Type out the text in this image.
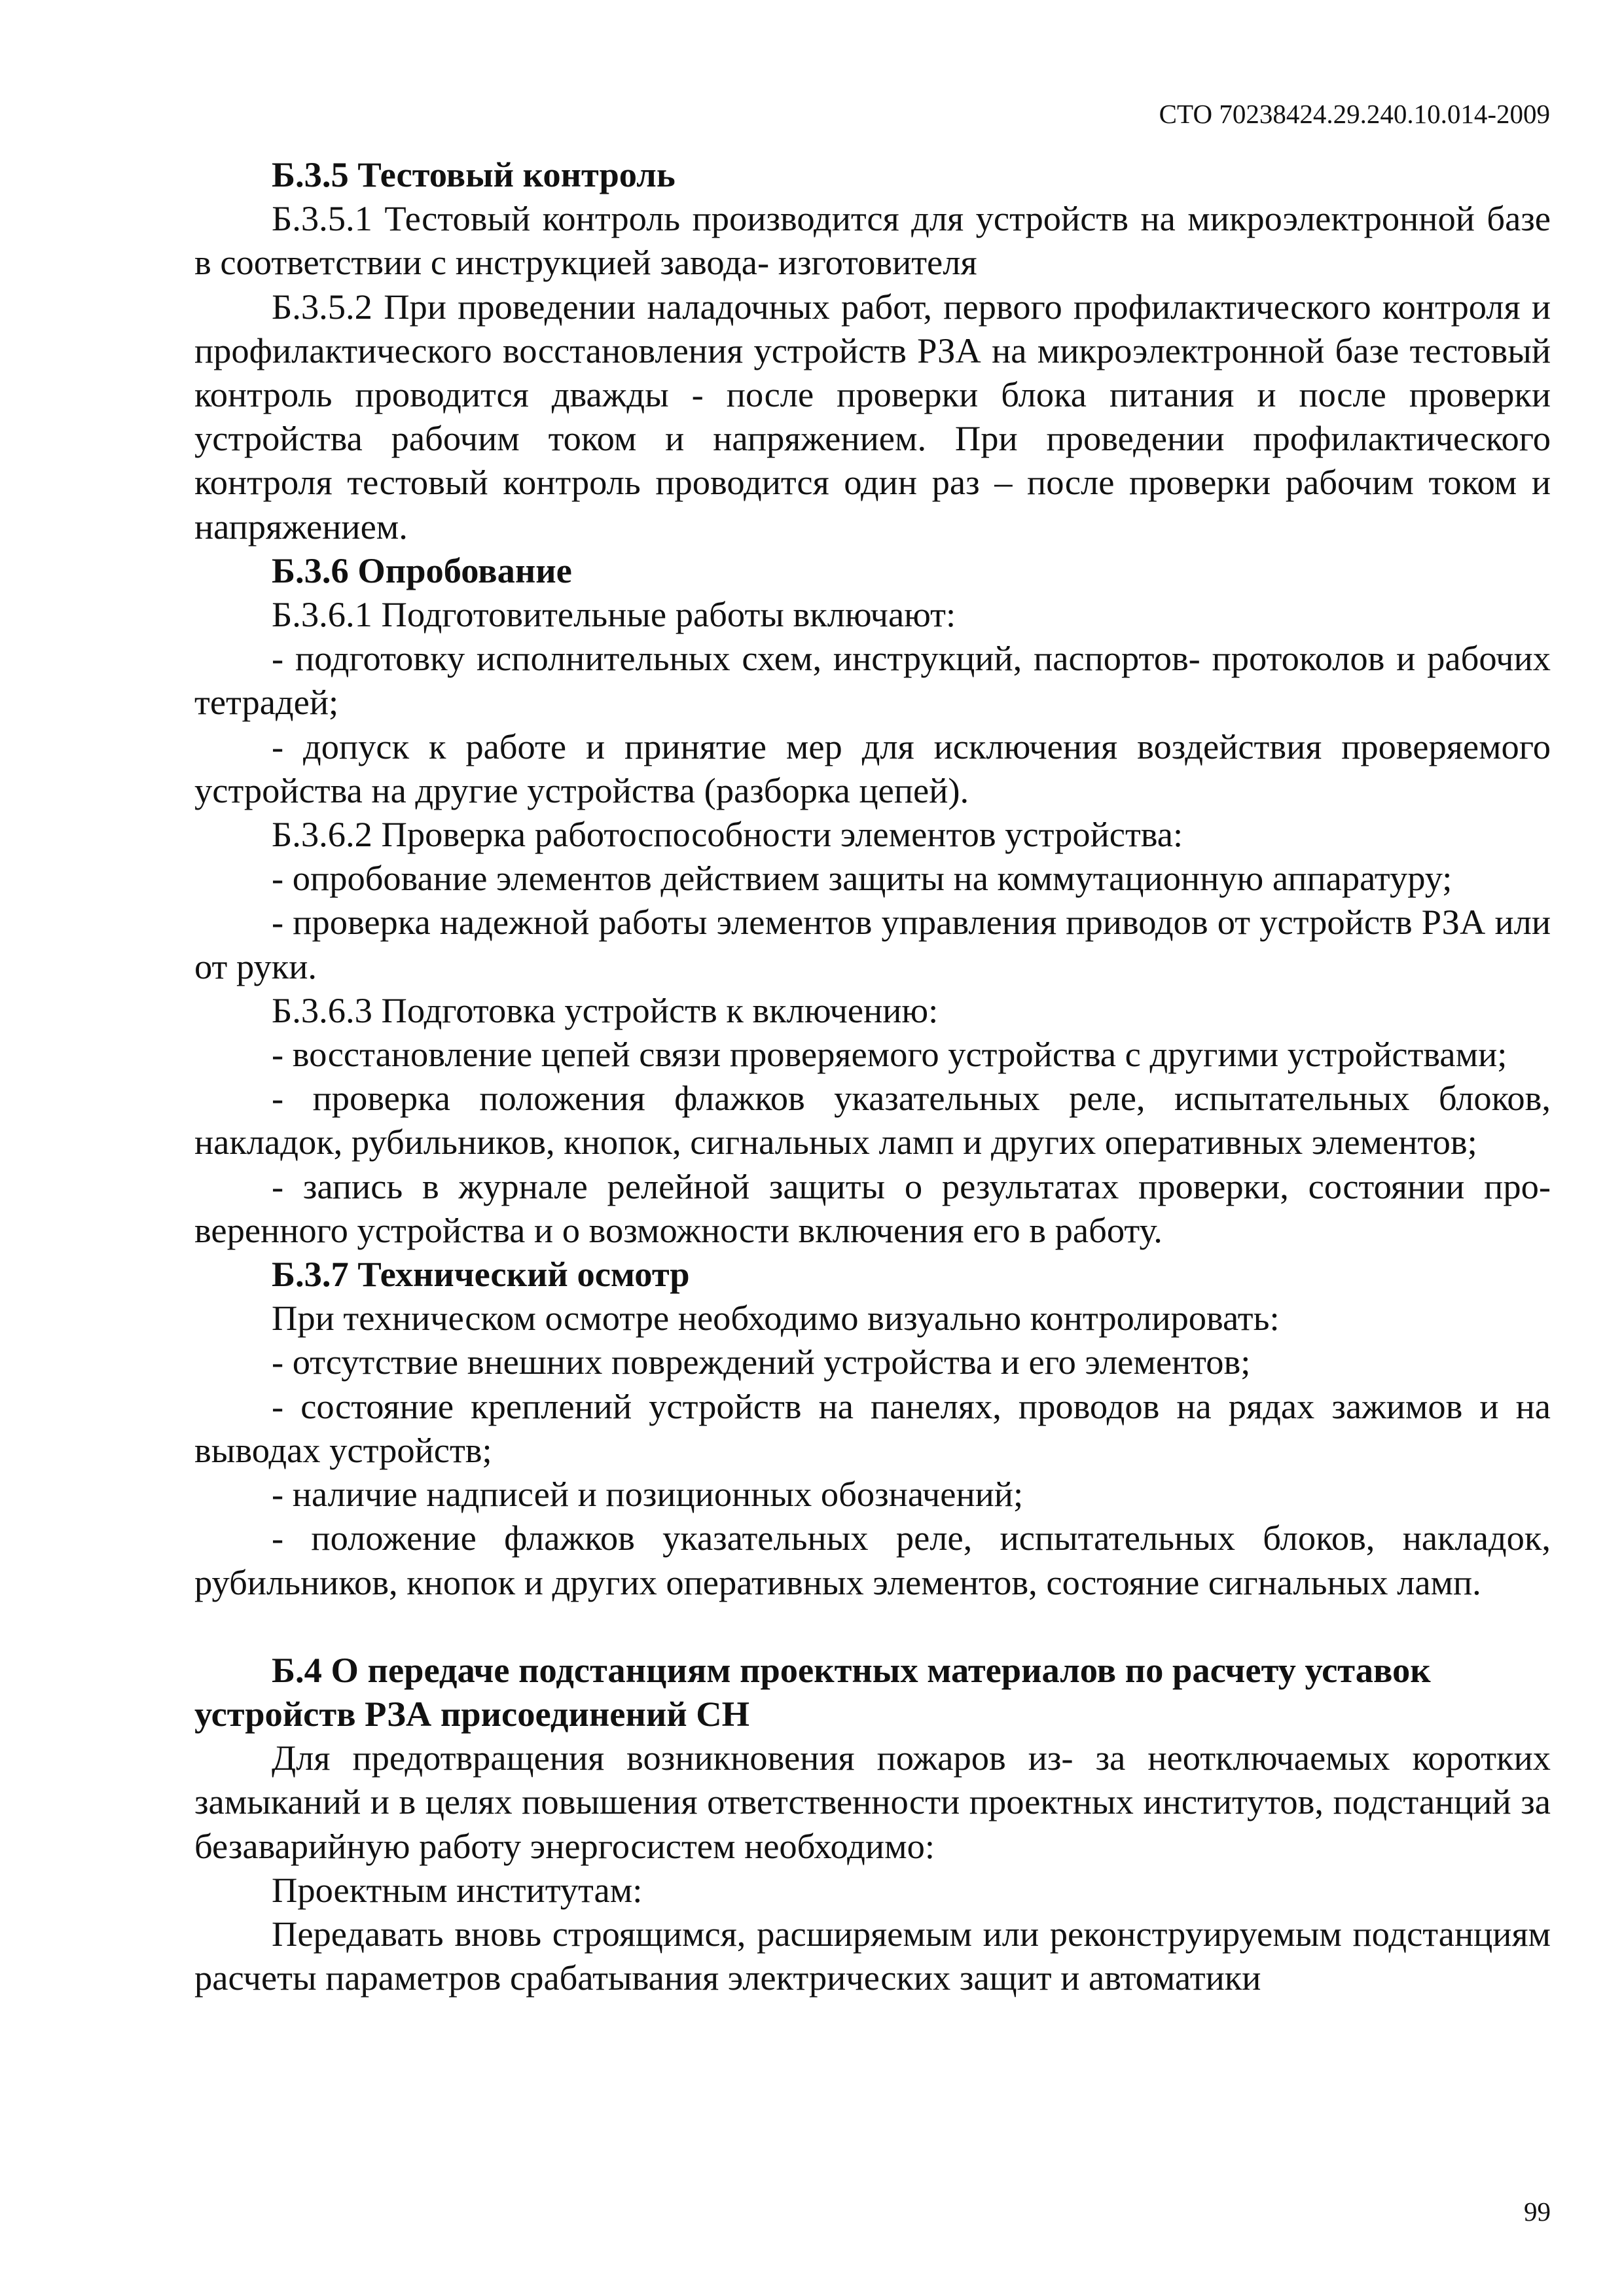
СТО 70238424.29.240.10.014-2009

Б.3.5 Тестовый контроль

Б.3.5.1 Тестовый контроль производится для устройств на микроэлектронной базе в соответствии с инструкцией завода- изготовителя

Б.3.5.2 При проведении наладочных работ, первого профилактического контроля и профилактического восстановления устройств РЗА на микроэлектронной базе тестовый контроль проводится дважды - после проверки блока питания и после проверки устройства рабочим током и напряжением. При проведении профилактического контроля тестовый контроль проводится один раз – после проверки рабочим током и напряжением.

Б.3.6 Опробование

Б.3.6.1 Подготовительные работы включают:

- подготовку исполнительных схем, инструкций, паспортов- протоколов и рабочих тетрадей;

- допуск к работе и принятие мер для исключения воздействия проверяемого устройства на другие устройства (разборка цепей).

Б.3.6.2 Проверка работоспособности элементов устройства:

- опробование элементов действием защиты на коммутационную аппаратуру;

- проверка надежной работы элементов управления приводов от устройств РЗА или от руки.

Б.3.6.3 Подготовка устройств к включению:

- восстановление цепей связи проверяемого устройства с другими устройствами;

- проверка положения флажков указательных реле, испытательных блоков, накладок, рубильников, кнопок, сигнальных ламп и других оперативных элементов;

- запись в журнале релейной защиты о результатах проверки, состоянии проверенного устройства и о возможности включения его в работу.

Б.3.7 Технический осмотр

При техническом осмотре необходимо визуально контролировать:

- отсутствие внешних повреждений устройства и его элементов;

- состояние креплений устройств на панелях, проводов на рядах зажимов и на выводах устройств;

- наличие надписей и позиционных обозначений;

- положение флажков указательных реле, испытательных блоков, накладок, рубильников, кнопок и других оперативных элементов, состояние сигнальных ламп.

Б.4 О передаче подстанциям проектных материалов по расчету уставок устройств РЗА присоединений СН

Для предотвращения возникновения пожаров из- за неотключаемых коротких замыканий и в целях повышения ответственности проектных институтов, подстанций за безаварийную работу энергосистем необходимо:

Проектным институтам:

Передавать вновь строящимся, расширяемым или реконструируемым подстанциям расчеты параметров срабатывания электрических защит и автоматики

99
